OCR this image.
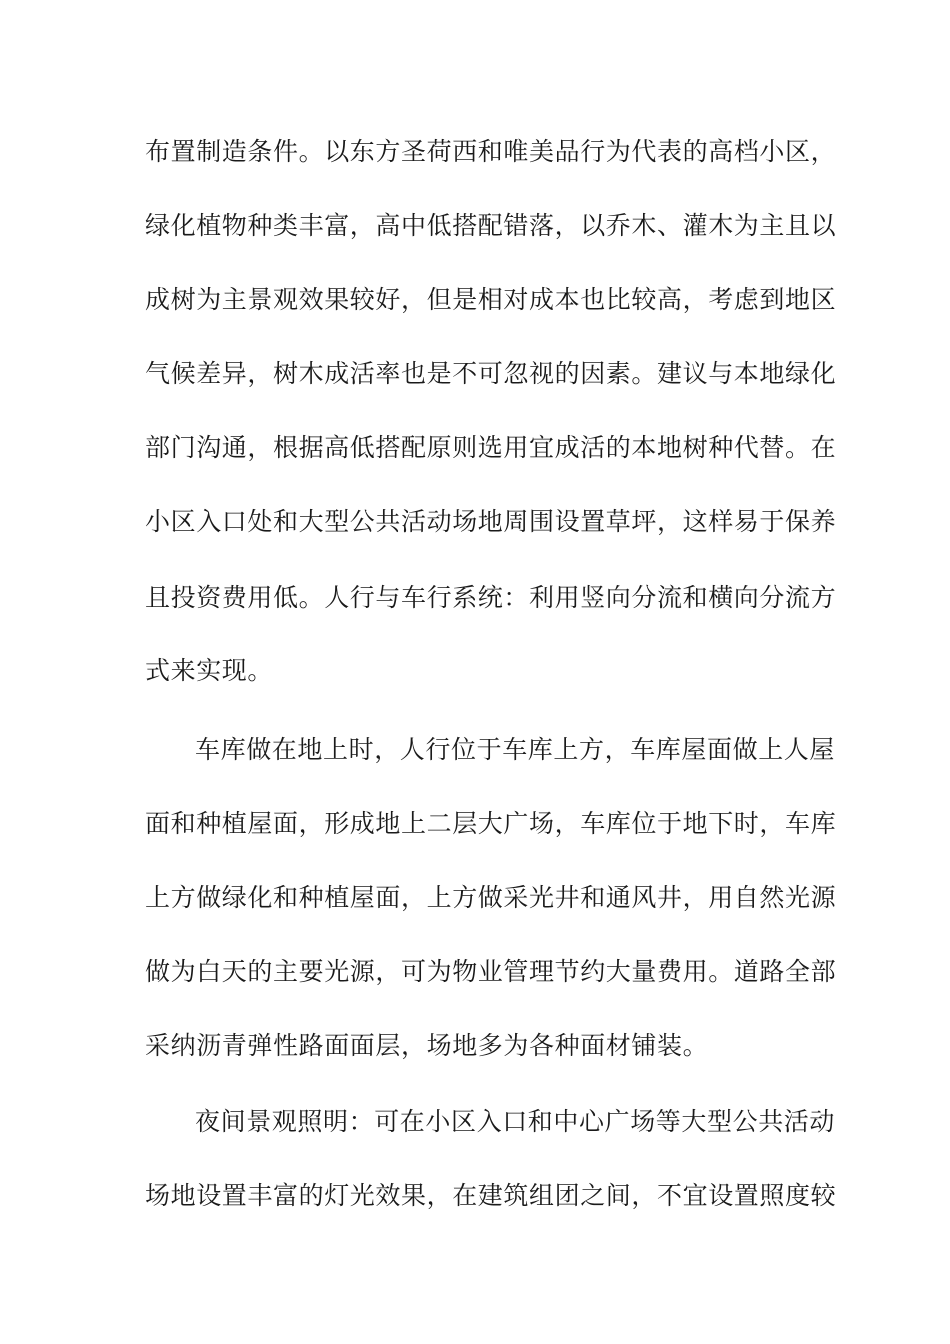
布置制造条件。以东方圣荷西和唯美品行为代表的高档小区，
绿化植物种类丰富，高中低搭配错落，以乔木、灌木为主且以
成树为主景观效果较好，但是相对成本也比较高，考虑到地区
气候差异，树木成活率也是不可忽视的因素。建议与本地绿化
部门沟通，根据高低搭配原则选用宜成活的本地树种代替。在
小区入口处和大型公共活动场地周围设置草坪，这样易于保养
且投资费用低。人行与车行系统：利用竖向分流和横向分流方
式来实现。
车库做在地上时，人行位于车库上方，车库屋面做上人屋
面和种植屋面，形成地上二层大广场，车库位于地下时，车库
上方做绿化和种植屋面，上方做采光井和通风井，用自然光源
做为白天的主要光源，可为物业管理节约大量费用。道路全部
采纳沥青弹性路面面层，场地多为各种面材铺装。
夜间景观照明：可在小区入口和中心广场等大型公共活动
场地设置丰富的灯光效果，在建筑组团之间，不宜设置照度较
